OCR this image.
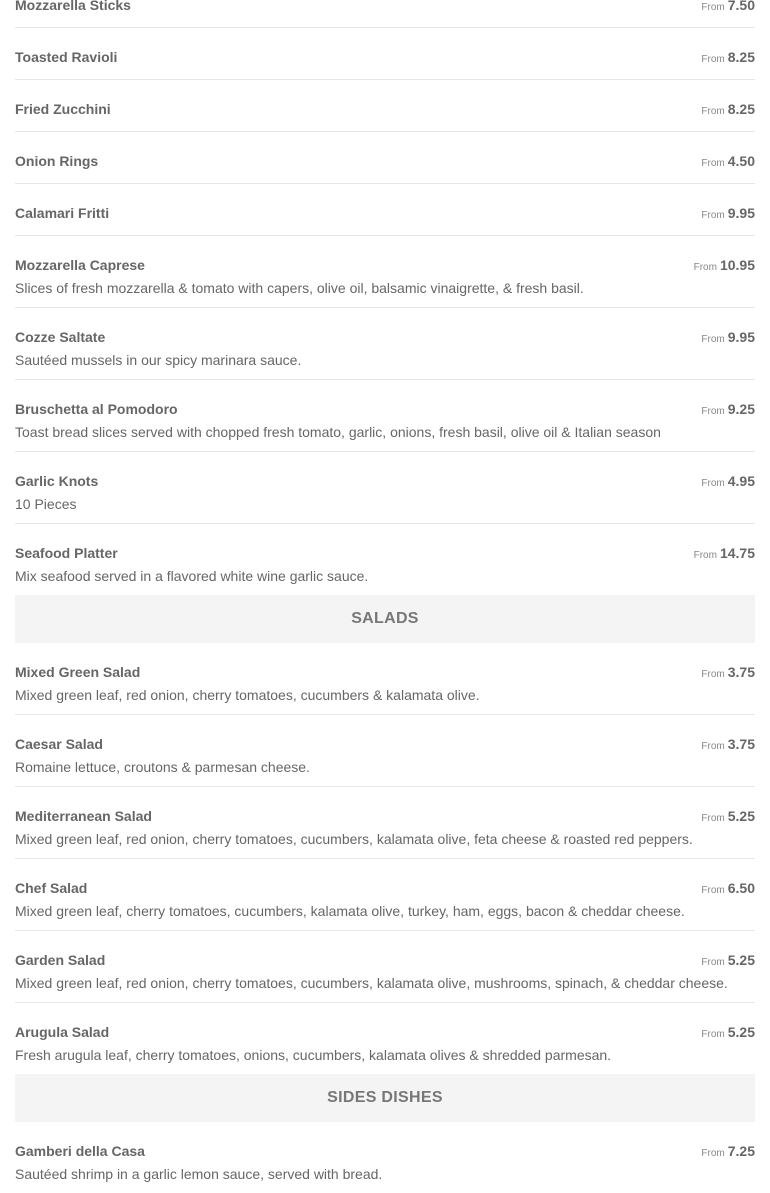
Mozzarella Sticks	From 7.50
Toasted Ravioli	From 8.25
Fried Zucchini	From 8.25
Onion Rings	From 4.50
Calamari Fritti	From 9.95
Mozzarella Caprese	From 10.95
Slices of fresh mozzarella & tomato with capers, olive oil, balsamic vinaigrette, & fresh basil.
Cozze Saltate	From 9.95
Sautéed mussels in our spicy marinara sauce.
Bruschetta al Pomodoro	From 9.25
Toast bread slices served with chopped fresh tomato, garlic, onions, fresh basil, olive oil & Italian season
Garlic Knots	From 4.95
10 Pieces
Seafood Platter	From 14.75
Mix seafood served in a flavored white wine garlic sauce.
SALADS
Mixed Green Salad	From 3.75
Mixed green leaf, red onion, cherry tomatoes, cucumbers & kalamata olive.
Caesar Salad	From 3.75
Romaine lettuce, croutons & parmesan cheese.
Mediterranean Salad	From 5.25
Mixed green leaf, red onion, cherry tomatoes, cucumbers, kalamata olive, feta cheese & roasted red peppers.
Chef Salad	From 6.50
Mixed green leaf, cherry tomatoes, cucumbers, kalamata olive, turkey, ham, eggs, bacon & cheddar cheese.
Garden Salad	From 5.25
Mixed green leaf, red onion, cherry tomatoes, cucumbers, kalamata olive, mushrooms, spinach, & cheddar cheese.
Arugula Salad	From 5.25
Fresh arugula leaf, cherry tomatoes, onions, cucumbers, kalamata olives & shredded parmesan.
SIDES DISHES
Gamberi della Casa	From 7.25
Sautéed shrimp in a garlic lemon sauce, served with bread.
